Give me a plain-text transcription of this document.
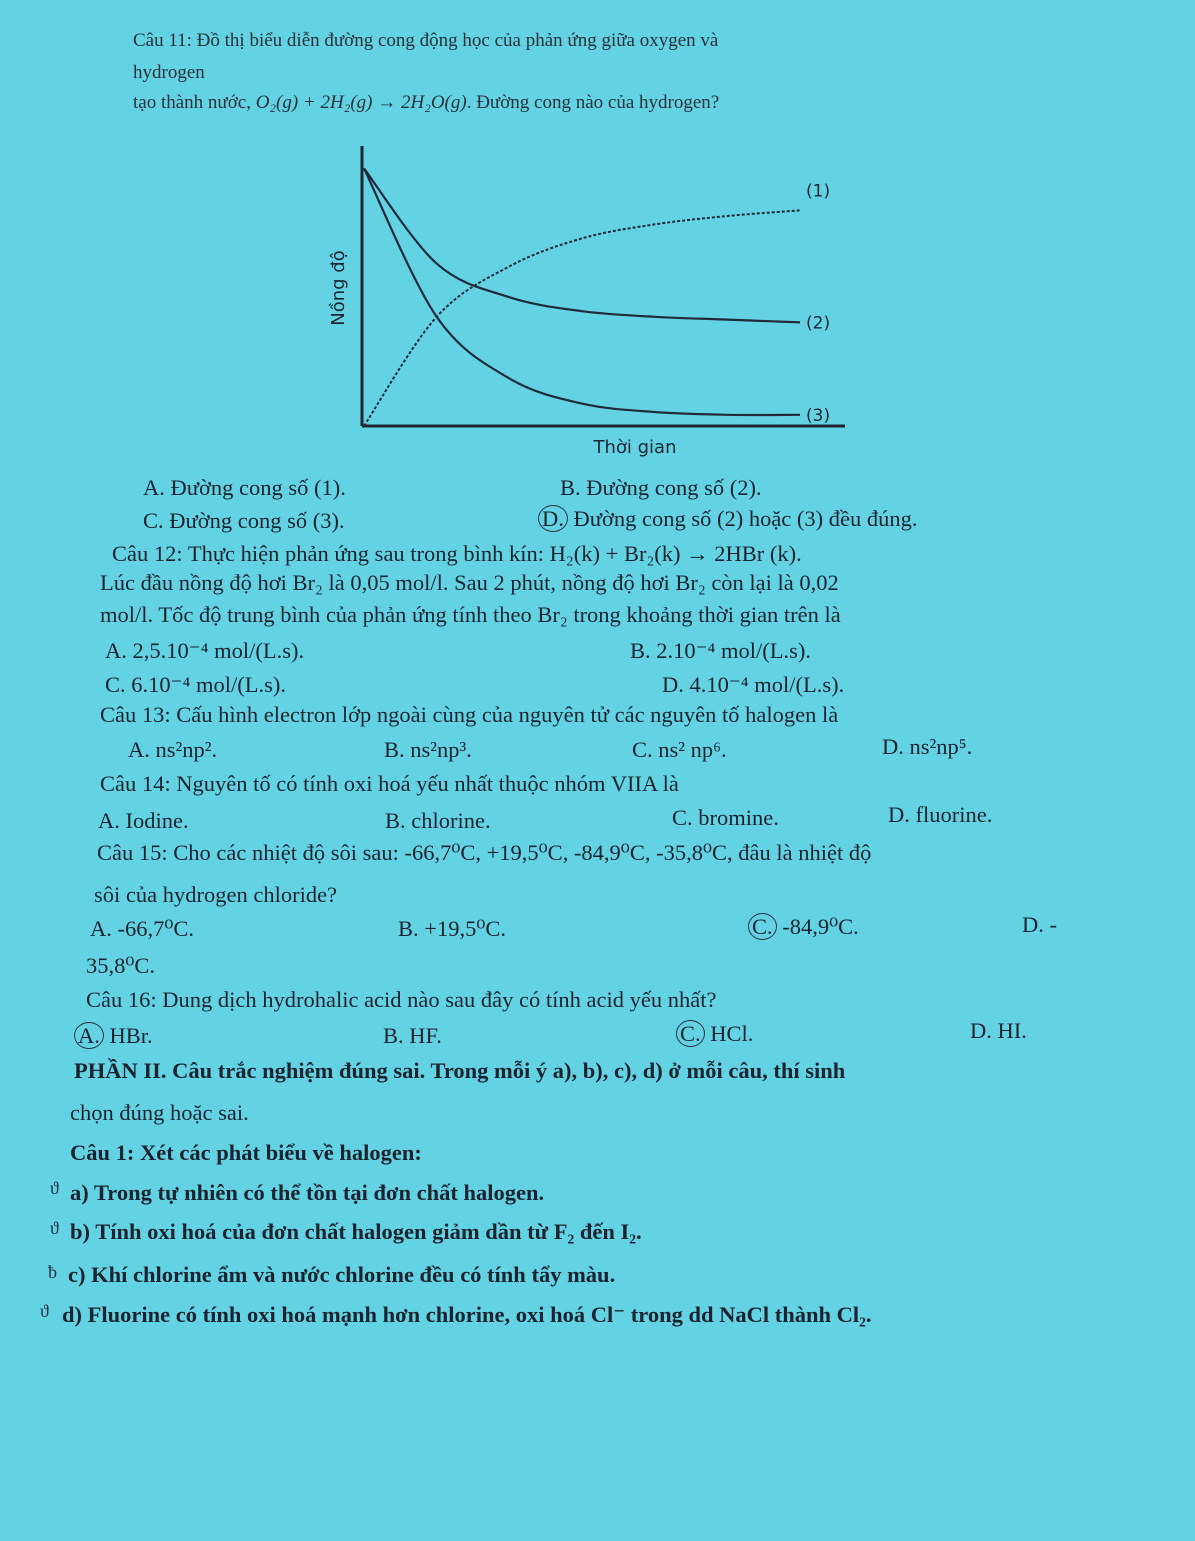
Câu 11: Đồ thị biểu diễn đường cong động học của phản ứng giữa oxygen và
hydrogen
tạo thành nước, O₂(g) + 2H₂(g) → 2H₂O(g). Đường cong nào của hydrogen?
(1)
(2)
(3)
Nồng độ
Thời gian
A. Đường cong số (1).	B. Đường cong số (2).
C. Đường cong số (3).	D. Đường cong số (2) hoặc (3) đều đúng.
Câu 12: Thực hiện phản ứng sau trong bình kín: H₂(k) + Br₂(k) → 2HBr (k).
Lúc đầu nồng độ hơi Br₂ là 0,05 mol/l. Sau 2 phút, nồng độ hơi Br₂ còn lại là 0,02
mol/l. Tốc độ trung bình của phản ứng tính theo Br₂ trong khoảng thời gian trên là
A. 2,5.10⁻⁴ mol/(L.s).	B. 2.10⁻⁴ mol/(L.s).
C. 6.10⁻⁴ mol/(L.s).	D. 4.10⁻⁴ mol/(L.s).
Câu 13: Cấu hình electron lớp ngoài cùng của nguyên tử các nguyên tố halogen là
A. ns²np².	B. ns²np³.	C. ns² np⁶.	D. ns²np⁵.
Câu 14: Nguyên tố có tính oxi hoá yếu nhất thuộc nhóm VIIA là
A. Iodine.	B. chlorine.	C. bromine.	D. fluorine.
Câu 15: Cho các nhiệt độ sôi sau: -66,7⁰C, +19,5⁰C, -84,9⁰C, -35,8⁰C, đâu là nhiệt độ
sôi của hydrogen chloride?
A. -66,7⁰C.	B. +19,5⁰C.	C. -84,9⁰C.	D. -
35,8⁰C.
Câu 16: Dung dịch hydrohalic acid nào sau đây có tính acid yếu nhất?
A. HBr.	B. HF.	C. HCl.	D. HI.
PHẦN II. Câu trắc nghiệm đúng sai. Trong mỗi ý a), b), c), d) ở mỗi câu, thí sinh
chọn đúng hoặc sai.
Câu 1: Xét các phát biểu về halogen:
ϑ a) Trong tự nhiên có thể tồn tại đơn chất halogen.
ϑ b) Tính oxi hoá của đơn chất halogen giảm dần từ F₂ đến I₂.
ƀ c) Khí chlorine ẩm và nước chlorine đều có tính tẩy màu.
ϑ d) Fluorine có tính oxi hoá mạnh hơn chlorine, oxi hoá Cl⁻ trong dd NaCl thành Cl₂.
